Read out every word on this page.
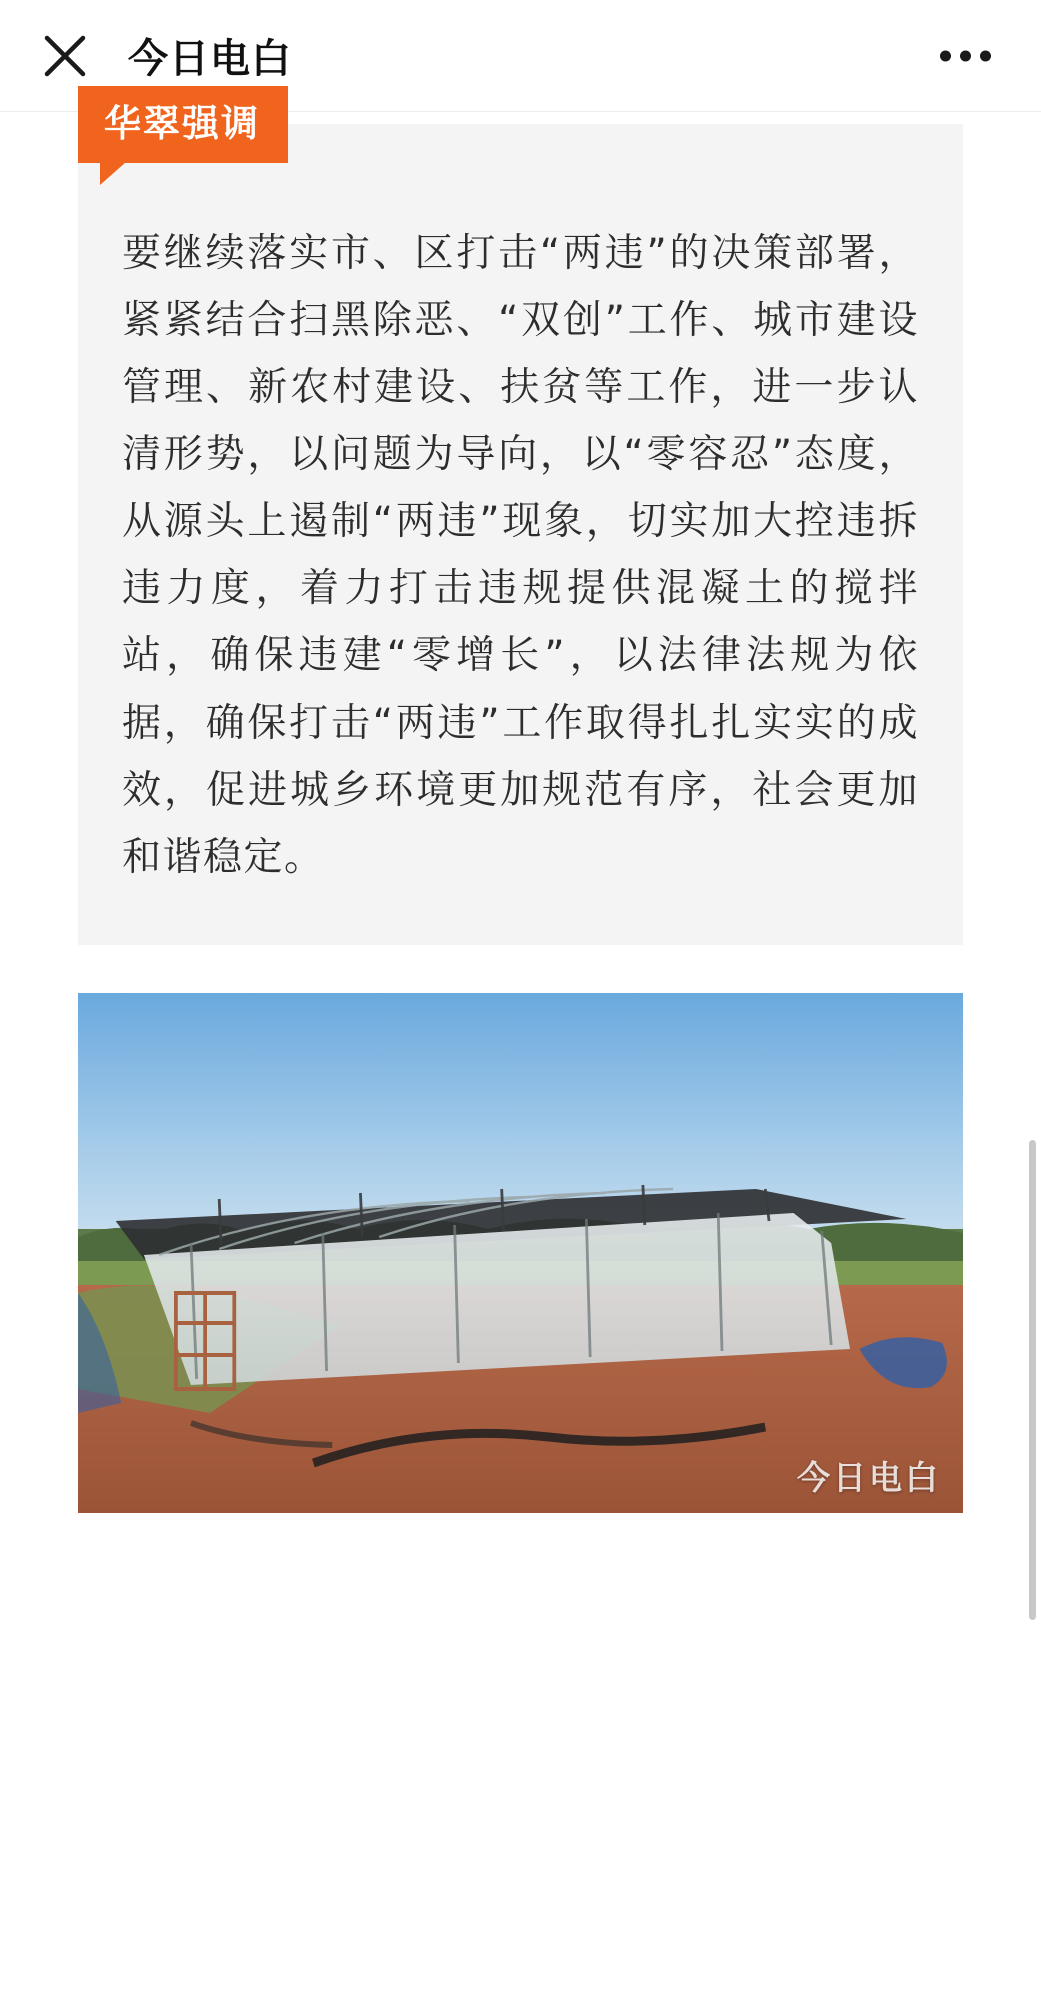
今日电白
华翠强调
要继续落实市、区打击“两违”的决策部署，紧紧结合扫黑除恶、“双创”工作、城市建设管理、新农村建设、扶贫等工作，进一步认清形势，以问题为导向，以“零容忍”态度，从源头上遏制“两违”现象，切实加大控违拆违力度，着力打击违规提供混凝土的搅拌站，确保违建“零增长”，以法律法规为依据，确保打击“两违”工作取得扎扎实实的成效，促进城乡环境更加规范有序，社会更加和谐稳定。
今日电白
